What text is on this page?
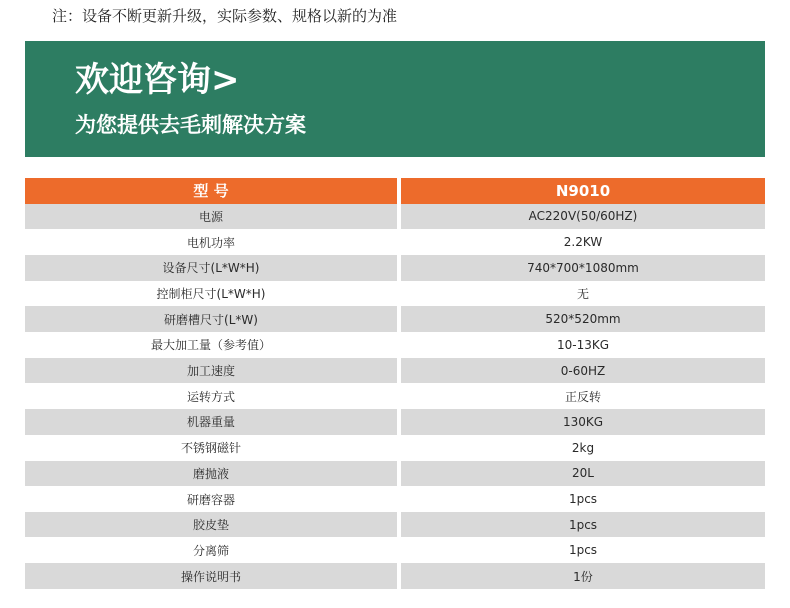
注：设备不断更新升级，实际参数、规格以新的为准
欢迎咨询>
为您提供去毛刺解决方案
型 号	N9010
电源	AC220V(50/60HZ)
电机功率	2.2KW
设备尺寸(L*W*H)	740*700*1080mm
控制柜尺寸(L*W*H)	无
研磨槽尺寸(L*W)	520*520mm
最大加工量（参考值）	10-13KG
加工速度	0-60HZ
运转方式	正反转
机器重量	130KG
不锈钢磁针	2kg
磨抛液	20L
研磨容器	1pcs
胶皮垫	1pcs
分离筛	1pcs
操作说明书	1份
